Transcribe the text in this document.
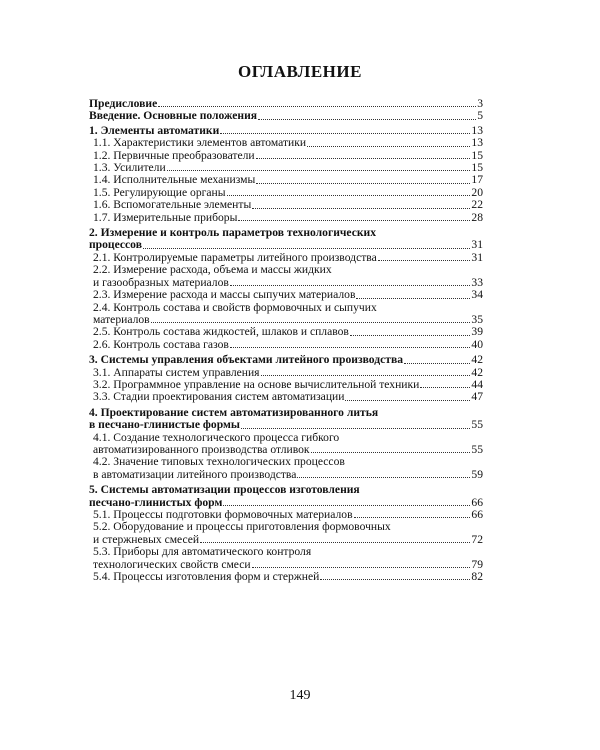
ОГЛАВЛЕНИЕ
Предисловие	3
Введение. Основные положения	5
1. Элементы автоматики	13
1.1. Характеристики элементов автоматики	13
1.2. Первичные преобразователи	15
1.3. Усилители	15
1.4. Исполнительные механизмы	17
1.5. Регулирующие органы	20
1.6. Вспомогательные элементы	22
1.7. Измерительные приборы	28
2. Измерение и контроль параметров технологических
процессов	31
2.1. Контролируемые параметры литейного производства	31
2.2. Измерение расхода, объема и массы жидких
и газообразных материалов	33
2.3. Измерение расхода и массы сыпучих материалов	34
2.4. Контроль состава и свойств формовочных и сыпучих
материалов	35
2.5. Контроль состава жидкостей, шлаков и сплавов	39
2.6. Контроль состава газов	40
3. Системы управления объектами литейного производства	42
3.1. Аппараты систем управления	42
3.2. Программное управление на основе вычислительной техники	44
3.3. Стадии проектирования систем автоматизации	47
4. Проектирование систем автоматизированного литья
в песчано-глинистые формы	55
4.1. Создание технологического процесса гибкого
автоматизированного производства отливок	55
4.2. Значение типовых технологических процессов
в автоматизации литейного производства	59
5. Системы автоматизации процессов изготовления
песчано-глинистых форм	66
5.1. Процессы подготовки формовочных материалов	66
5.2. Оборудование и процессы приготовления формовочных
и стержневых смесей	72
5.3. Приборы для автоматического контроля
технологических свойств смеси	79
5.4. Процессы изготовления форм и стержней	82
149
